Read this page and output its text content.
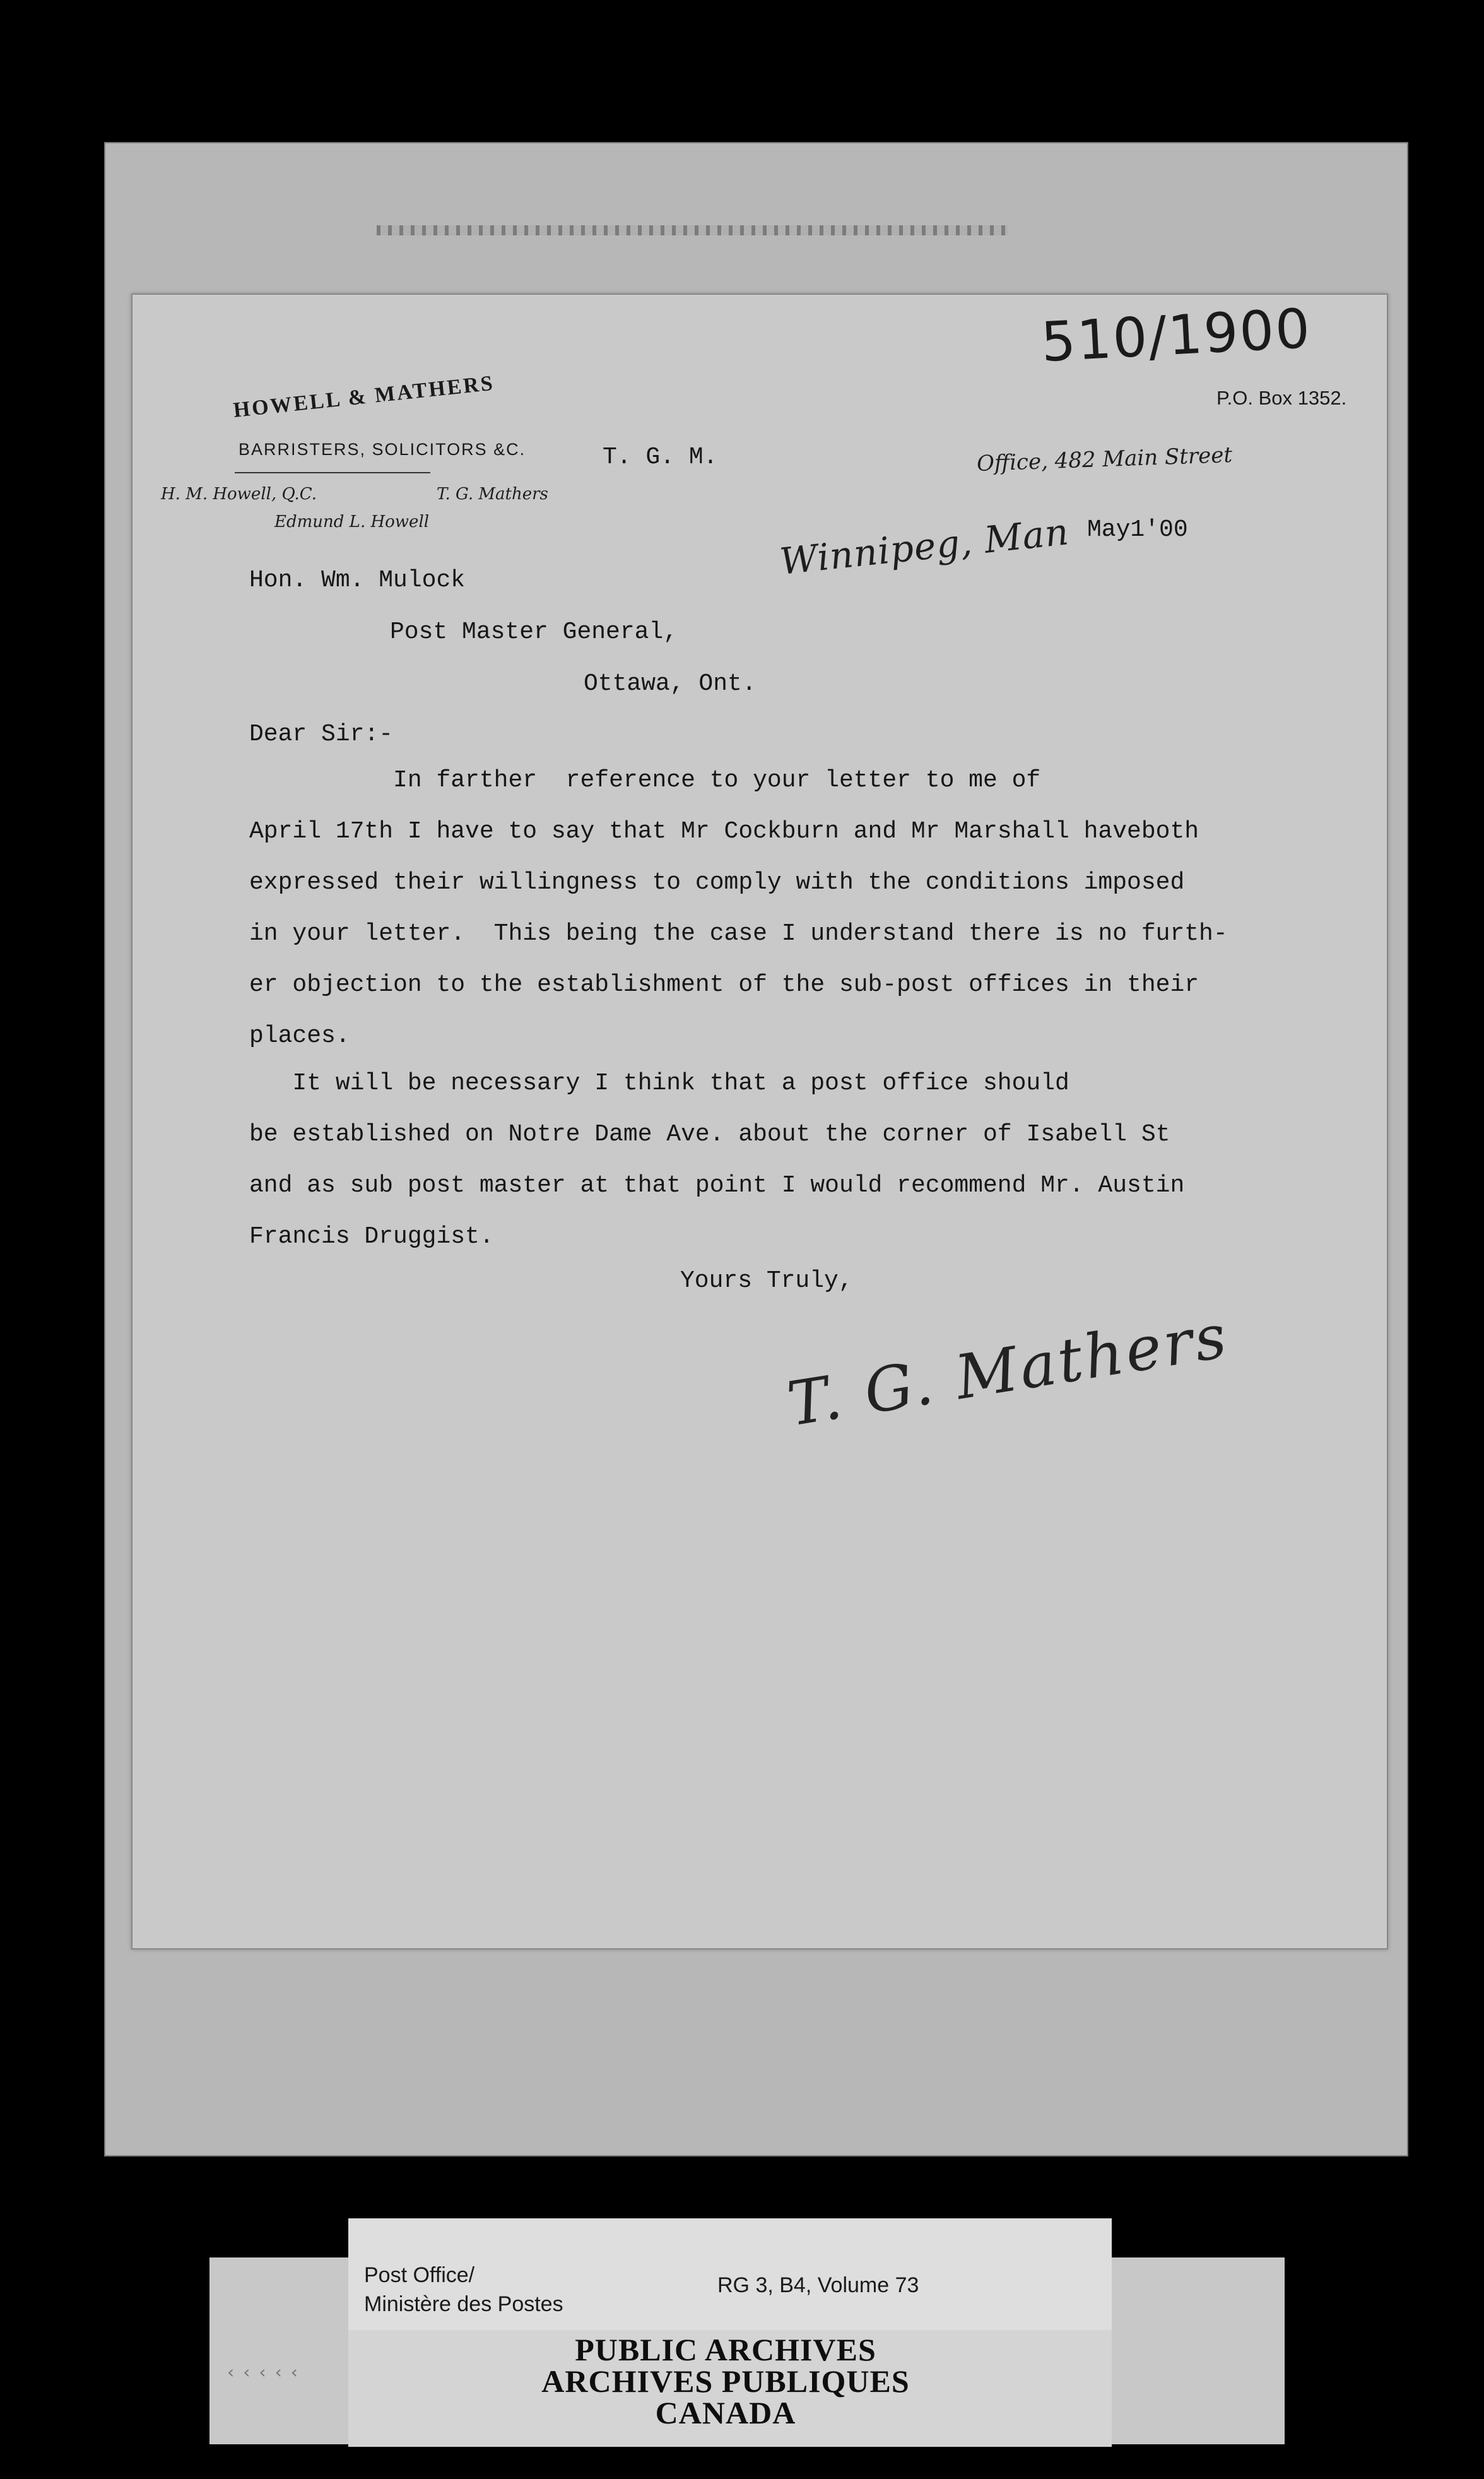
510/1900
HOWELL & MATHERS
BARRISTERS, SOLICITORS &C.
H. M. Howell, Q.C.	T. G. Mathers
Edmund L. Howell
P.O. Box 1352.
Office, 482 Main Street
Winnipeg, Man
T. G. M.
May1'00
Hon. Wm. Mulock
Post Master General,
Ottawa, Ont.
Dear Sir:-
In farther  reference to your letter to me of
April 17th I have to say that Mr Cockburn and Mr Marshall haveboth
expressed their willingness to comply with the conditions imposed
in your letter.  This being the case I understand there is no furth-
er objection to the establishment of the sub-post offices in their
places.
It will be necessary I think that a post office should
be established on Notre Dame Ave. about the corner of Isabell St
and as sub post master at that point I would recommend Mr. Austin
Francis Druggist.
Yours Truly,
T. G. Mathers
‹‹‹‹‹
Post Office/
Ministère des Postes
RG 3, B4, Volume 73
PUBLIC ARCHIVES
ARCHIVES PUBLIQUES
CANADA
